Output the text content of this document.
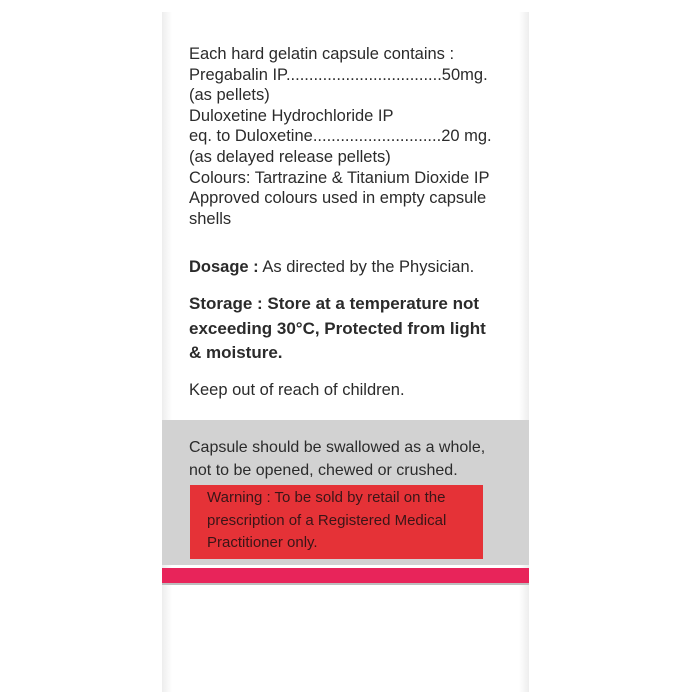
Each hard gelatin capsule contains :
Pregabalin IP..................................50mg.
(as pellets)
Duloxetine Hydrochloride IP
eq. to Duloxetine............................20 mg.
(as delayed release pellets)
Colours: Tartrazine & Titanium Dioxide IP
Approved colours used in empty capsule
shells
Dosage : As directed by the Physician.
Storage : Store at a temperature not
exceeding 30°C, Protected from light
& moisture.
Keep out of reach of children.
Capsule should be swallowed as a whole,
not to be opened, chewed or crushed.
Warning : To be sold by retail on the
prescription of a Registered Medical
Practitioner only.
